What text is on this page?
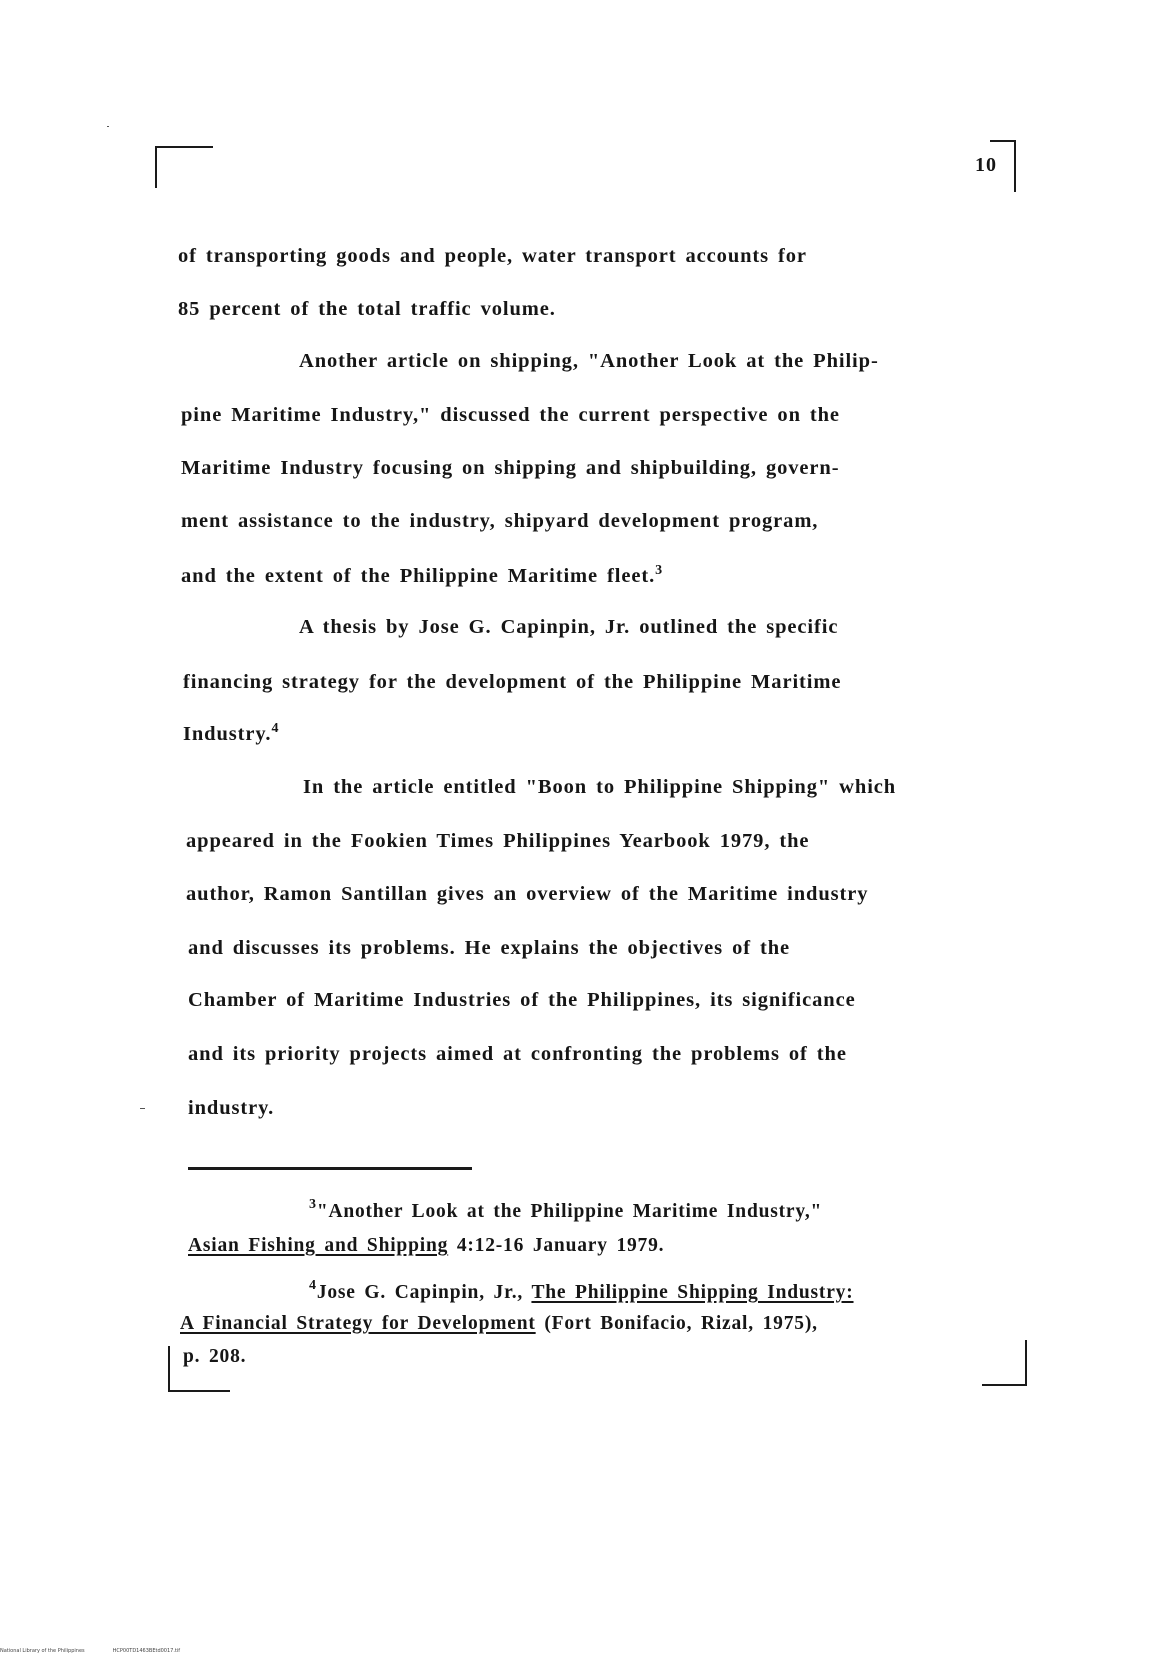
10
of transporting goods and people, water transport accounts for
85 percent of the total traffic volume.
Another article on shipping, "Another Look at the Philip-
pine Maritime Industry," discussed the current perspective on the
Maritime Industry focusing on shipping and shipbuilding, govern-
ment assistance to the industry, shipyard development program,
and the extent of the Philippine Maritime fleet.$^3$
A thesis by Jose G. Capinpin, Jr. outlined the specific
financing strategy for the development of the Philippine Maritime
Industry.$^4$
In the article entitled "Boon to Philippine Shipping" which
appeared in the Fookien Times Philippines Yearbook 1979, the
author, Ramon Santillan gives an overview of the Maritime industry
and discusses its problems. He explains the objectives of the
Chamber of Maritime Industries of the Philippines, its significance
and its priority projects aimed at confronting the problems of the
industry.
$^3$"Another Look at the Philippine Maritime Industry,"
Asian Fishing and Shipping 4:12-16 January 1979.
$^4$Jose G. Capinpin, Jr., The Philippine Shipping Industry:
A Financial Strategy for Development (Fort Bonifacio, Rizal, 1975),
p. 208.
National Library of the Philippines	HCP00TD1463BEtd0017.tif
